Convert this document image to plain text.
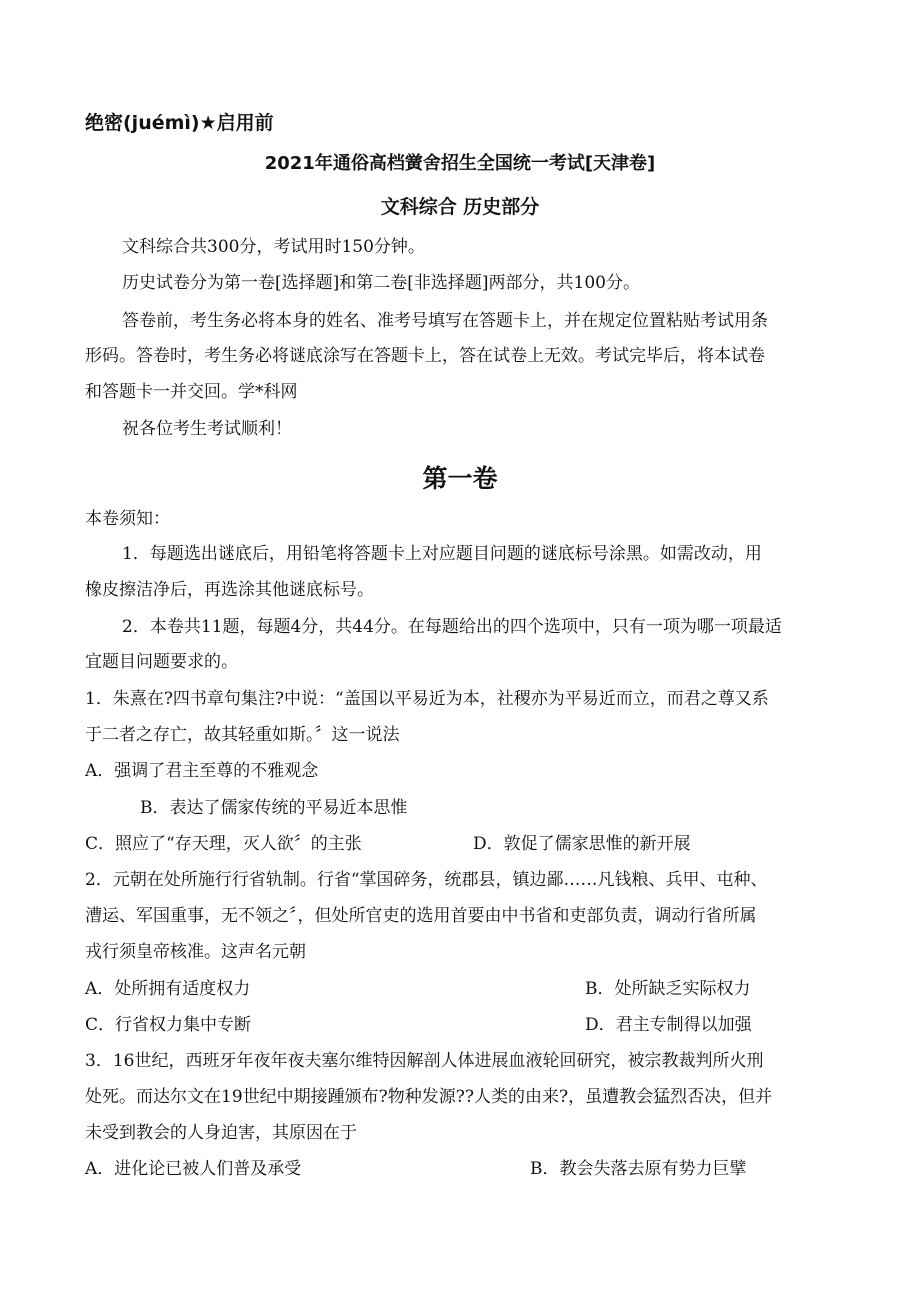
绝密(juémì)★启用前
2021年通俗高档黉舍招生全国统一考试[天津卷]
文科综合 历史部分
文科综合共300分，考试用时150分钟。
历史试卷分为第一卷[选择题]和第二卷[非选择题]两部分，共100分。
答卷前，考生务必将本身的姓名、准考号填写在答题卡上，并在规定位置粘贴考试用条
形码。答卷时，考生务必将谜底涂写在答题卡上，答在试卷上无效。考试完毕后，将本试卷
和答题卡一并交回。学*科网
祝各位考生考试顺利！
第一卷
本卷须知：
1．每题选出谜底后，用铅笔将答题卡上对应题目问题的谜底标号涂黑。如需改动，用
橡皮擦洁净后，再选涂其他谜底标号。
2．本卷共11题，每题4分，共44分。在每题给出的四个选项中，只有一项为哪一项最适
宜题目问题要求的。
1．朱熹在?四书章句集注?中说：“盖国以平易近为本，社稷亦为平易近而立，而君之尊又系
于二者之存亡，故其轻重如斯。〞这一说法
A．强调了君主至尊的不雅观念
B．表达了儒家传统的平易近本思惟
C．照应了“存天理，灭人欲〞的主张	D．敦促了儒家思惟的新开展
2．元朝在处所施行行省轨制。行省“掌国碎务，统郡县，镇边鄙……凡钱粮、兵甲、屯种、
漕运、军国重事，无不领之〞，但处所官吏的选用首要由中书省和吏部负责，调动行省所属
戎行须皇帝核准。这声名元朝
A．处所拥有适度权力	B．处所缺乏实际权力
C．行省权力集中专断	D．君主专制得以加强
3．16世纪，西班牙年夜年夜夫塞尔维特因解剖人体进展血液轮回研究，被宗教裁判所火刑
处死。而达尔文在19世纪中期接踵颁布?物种发源??人类的由来?，虽遭教会猛烈否决，但并
未受到教会的人身迫害，其原因在于
A．进化论已被人们普及承受	B．教会失落去原有势力巨擘
